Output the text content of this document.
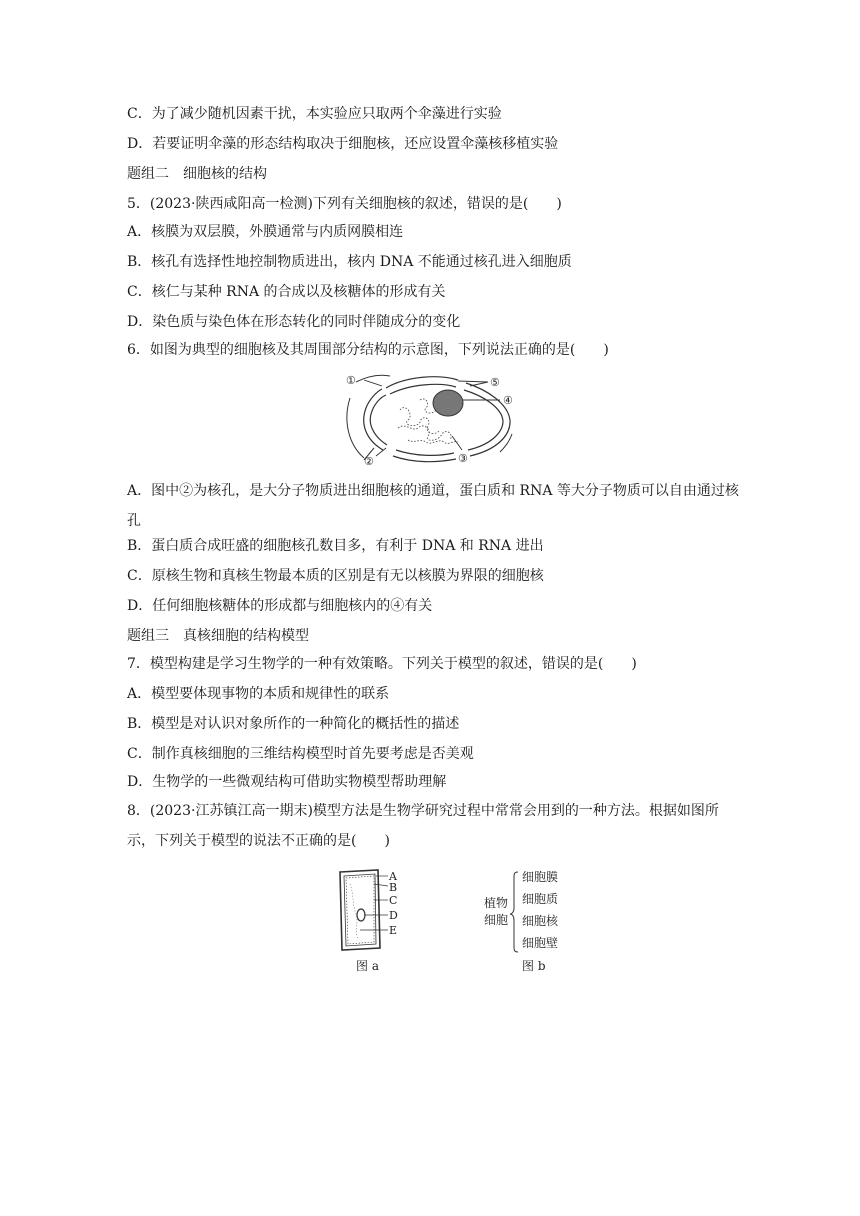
C．为了减少随机因素干扰，本实验应只取两个伞藻进行实验
D．若要证明伞藻的形态结构取决于细胞核，还应设置伞藻核移植实验
题组二　细胞核的结构
5．(2023·陕西咸阳高一检测)下列有关细胞核的叙述，错误的是(　　)
A．核膜为双层膜，外膜通常与内质网膜相连
B．核孔有选择性地控制物质进出，核内 DNA 不能通过核孔进入细胞质
C．核仁与某种 RNA 的合成以及核糖体的形成有关
D．染色质与染色体在形态转化的同时伴随成分的变化
6．如图为典型的细胞核及其周围部分结构的示意图，下列说法正确的是(　　)
①	⑤
④
②	③
A．图中②为核孔，是大分子物质进出细胞核的通道，蛋白质和 RNA 等大分子物质可以自由通过核孔
B．蛋白质合成旺盛的细胞核孔数目多，有利于 DNA 和 RNA 进出
C．原核生物和真核生物最本质的区别是有无以核膜为界限的细胞核
D．任何细胞核糖体的形成都与细胞核内的④有关
题组三　真核细胞的结构模型
7．模型构建是学习生物学的一种有效策略。下列关于模型的叙述，错误的是(　　)
A．模型要体现事物的本质和规律性的联系
B．模型是对认识对象所作的一种简化的概括性的描述
C．制作真核细胞的三维结构模型时首先要考虑是否美观
D．生物学的一些微观结构可借助实物模型帮助理解
8．(2023·江苏镇江高一期末)模型方法是生物学研究过程中常常会用到的一种方法。根据如图所示，下列关于模型的说法不正确的是(　　)
A
B
C
D
E
图 a
植物
细胞
细胞膜
细胞质
细胞核
细胞壁
图 b
